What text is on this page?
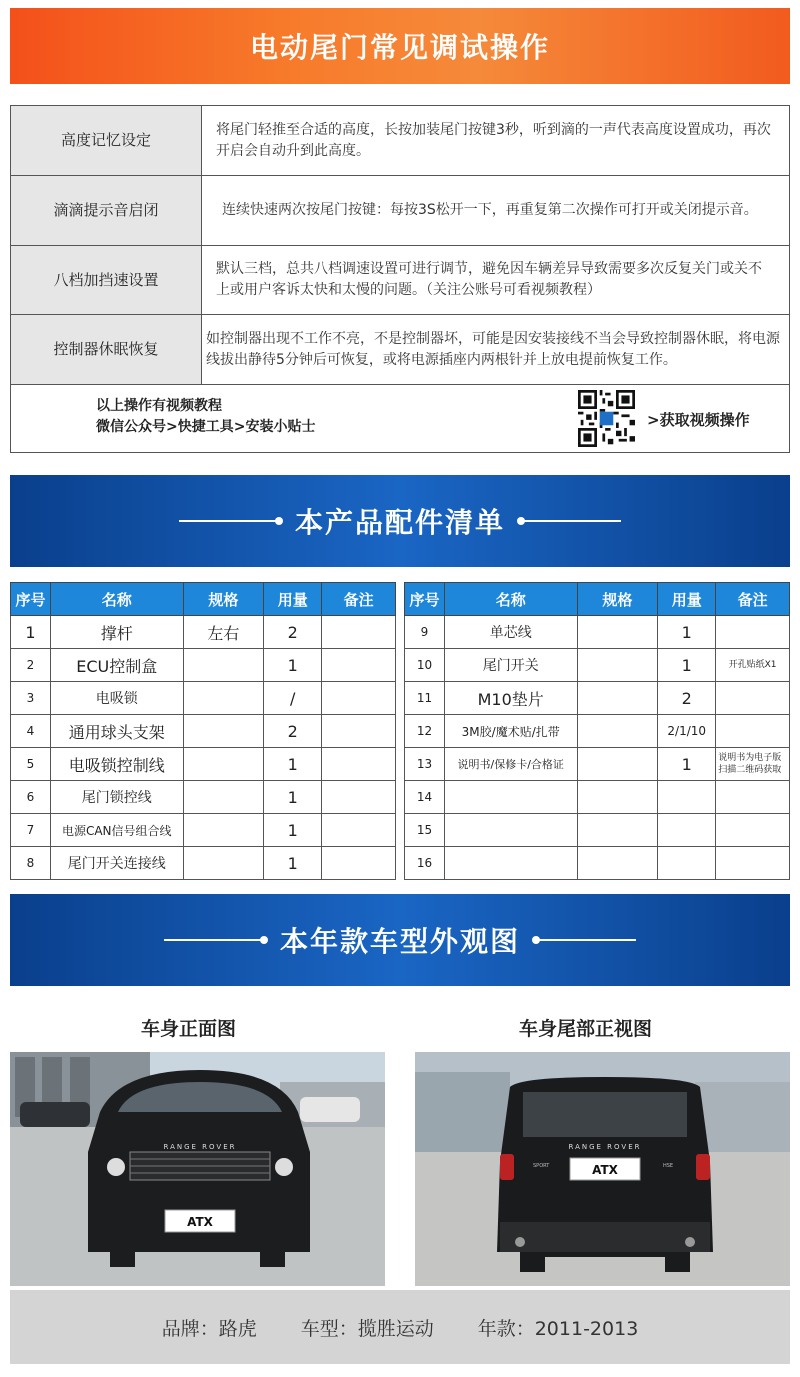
电动尾门常见调试操作
高度记忆设定	将尾门轻推至合适的高度，长按加装尾门按键3秒，听到滴的一声代表高度设置成功，再次开启会自动升到此高度。
滴滴提示音启闭	连续快速两次按尾门按键：每按3S松开一下，再重复第二次操作可打开或关闭提示音。
八档加挡速设置	默认三档，总共八档调速设置可进行调节，避免因车辆差异导致需要多次反复关门或关不上或用户客诉太快和太慢的问题。（关注公账号可看视频教程）
控制器休眠恢复	如控制器出现不工作不亮，不是控制器坏，可能是因安装接线不当会导致控制器休眠，将电源线拔出静待5分钟后可恢复，或将电源插座内两根针并上放电提前恢复工作。
以上操作有视频教程
微信公众号>快捷工具>安装小贴士	>获取视频操作
本产品配件清单
序号	名称	规格	用量	备注
1	撑杆	左右	2	
2	ECU控制盒		1	
3	电吸锁		/	
4	通用球头支架		2	
5	电吸锁控制线		1	
6	尾门锁控线		1	
7	电源CAN信号组合线		1	
8	尾门开关连接线		1	
序号	名称	规格	用量	备注
9	单芯线		1	
10	尾门开关		1	开孔贴纸X1
11	M10垫片		2	
12	3M胶/魔术贴/扎带		2/1/10	
13	说明书/保修卡/合格证		1	说明书为电子版扫描二维码获取
14				
15				
16				
本年款车型外观图
车身正面图	车身尾部正视图
RANGE ROVER
ATX
RANGE ROVER
SPORT	HSE
ATX
品牌：路虎 车型：揽胜运动 年款：2011-2013
